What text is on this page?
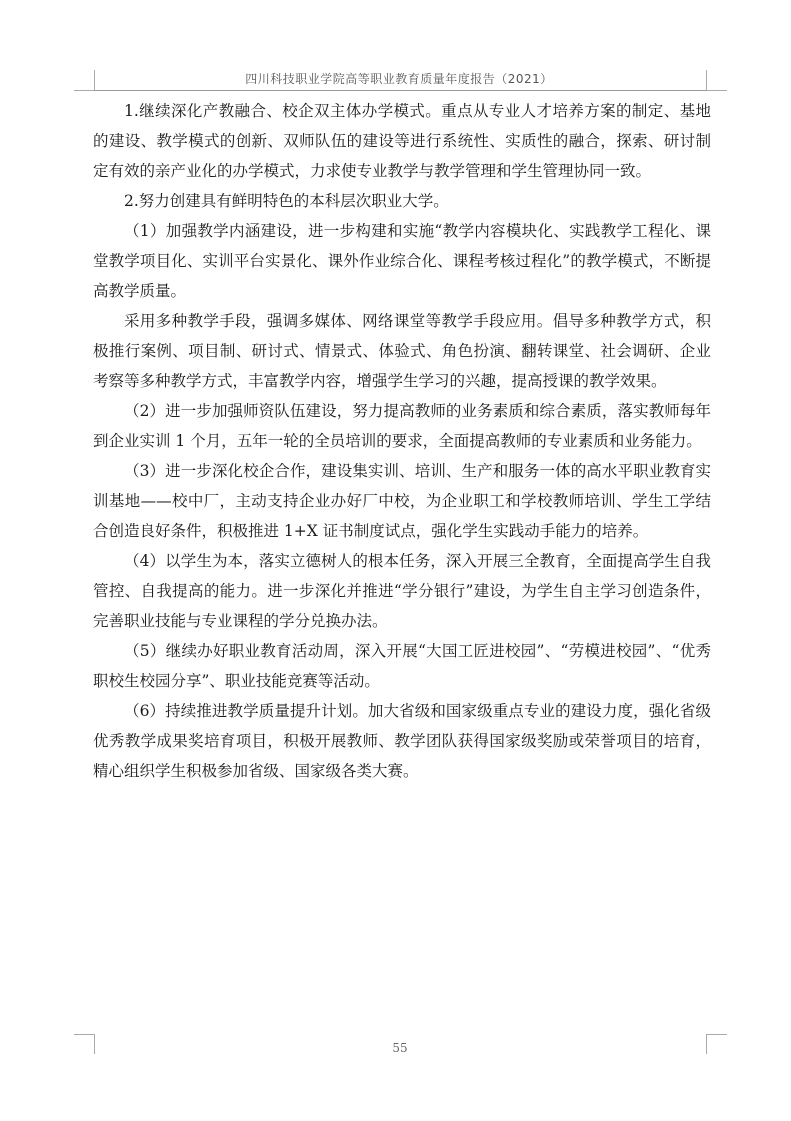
四川科技职业学院高等职业教育质量年度报告（2021）

1.继续深化产教融合、校企双主体办学模式。重点从专业人才培养方案的制定、基地的建设、教学模式的创新、双师队伍的建设等进行系统性、实质性的融合，探索、研讨制定有效的亲产业化的办学模式，力求使专业教学与教学管理和学生管理协同一致。

2.努力创建具有鲜明特色的本科层次职业大学。

（1）加强教学内涵建设，进一步构建和实施“教学内容模块化、实践教学工程化、课堂教学项目化、实训平台实景化、课外作业综合化、课程考核过程化”的教学模式，不断提高教学质量。

采用多种教学手段，强调多媒体、网络课堂等教学手段应用。倡导多种教学方式，积极推行案例、项目制、研讨式、情景式、体验式、角色扮演、翻转课堂、社会调研、企业考察等多种教学方式，丰富教学内容，增强学生学习的兴趣，提高授课的教学效果。

（2）进一步加强师资队伍建设，努力提高教师的业务素质和综合素质，落实教师每年到企业实训 1 个月，五年一轮的全员培训的要求，全面提高教师的专业素质和业务能力。

（3）进一步深化校企合作，建设集实训、培训、生产和服务一体的高水平职业教育实训基地——校中厂，主动支持企业办好厂中校，为企业职工和学校教师培训、学生工学结合创造良好条件，积极推进 1+X 证书制度试点，强化学生实践动手能力的培养。

（4）以学生为本，落实立德树人的根本任务，深入开展三全教育，全面提高学生自我管控、自我提高的能力。进一步深化并推进“学分银行”建设，为学生自主学习创造条件，完善职业技能与专业课程的学分兑换办法。

（5）继续办好职业教育活动周，深入开展“大国工匠进校园”、“劳模进校园”、“优秀职校生校园分享”、职业技能竞赛等活动。

（6）持续推进教学质量提升计划。加大省级和国家级重点专业的建设力度，强化省级优秀教学成果奖培育项目，积极开展教师、教学团队获得国家级奖励或荣誉项目的培育，精心组织学生积极参加省级、国家级各类大赛。

55
